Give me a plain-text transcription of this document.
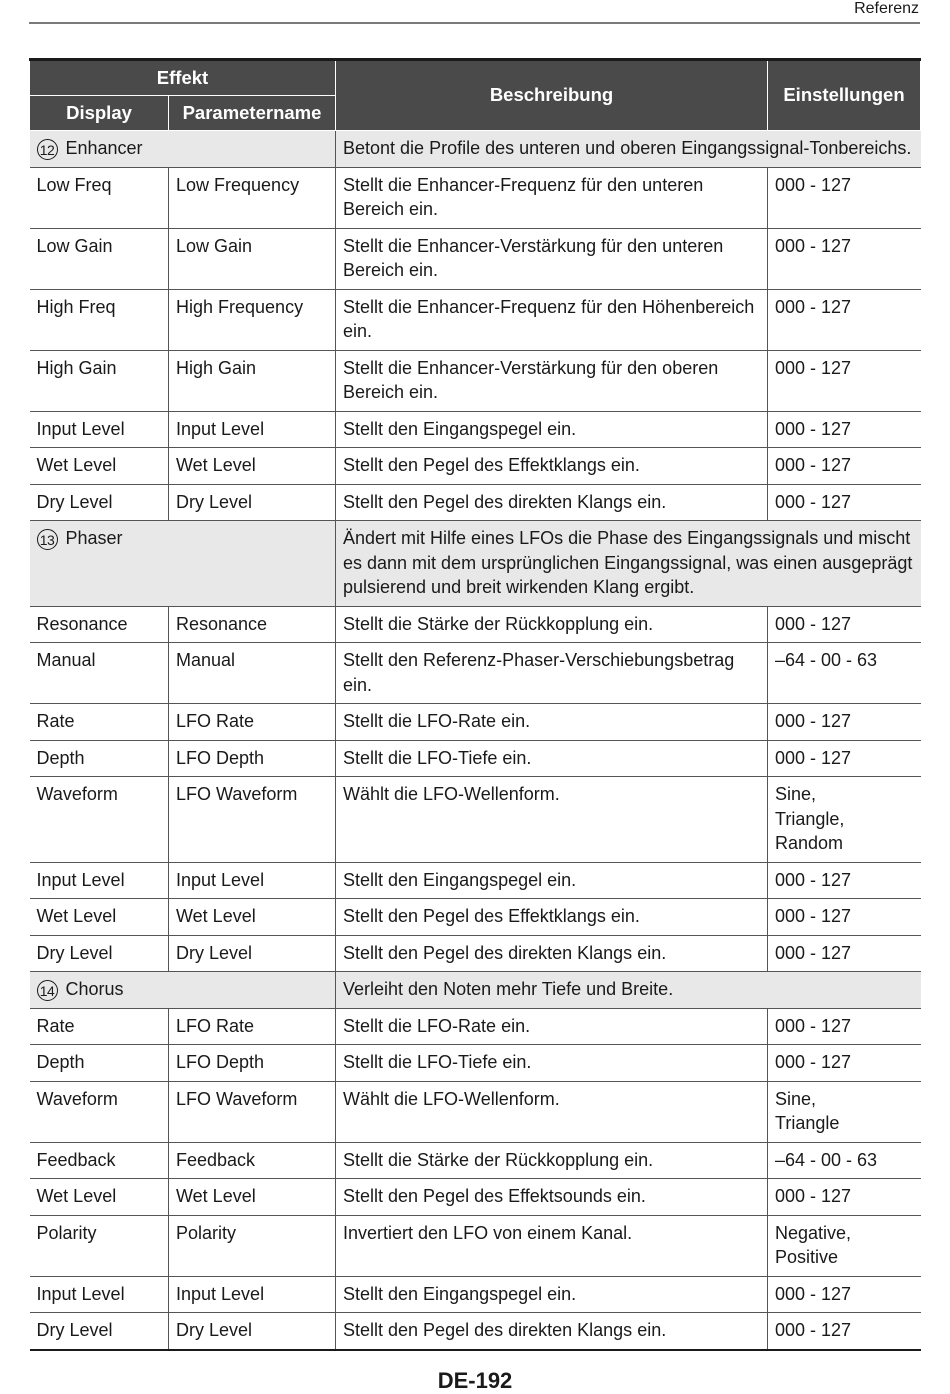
Referenz
Effekt		Beschreibung	Einstellungen
Display	Parametername		
12 Enhancer		Betont die Profile des unteren und oberen Eingangssignal-Tonbereichs.	
Low Freq	Low Frequency	Stellt die Enhancer-Frequenz für den unteren Bereich ein.	000 - 127
Low Gain	Low Gain	Stellt die Enhancer-Verstärkung für den unteren Bereich ein.	000 - 127
High Freq	High Frequency	Stellt die Enhancer-Frequenz für den Höhenbereich ein.	000 - 127
High Gain	High Gain	Stellt die Enhancer-Verstärkung für den oberen Bereich ein.	000 - 127
Input Level	Input Level	Stellt den Eingangspegel ein.	000 - 127
Wet Level	Wet Level	Stellt den Pegel des Effektklangs ein.	000 - 127
Dry Level	Dry Level	Stellt den Pegel des direkten Klangs ein.	000 - 127
13 Phaser		Ändert mit Hilfe eines LFOs die Phase des Eingangssignals und mischt es dann mit dem ursprünglichen Eingangssignal, was einen ausgeprägt pulsierend und breit wirkenden Klang ergibt.	
Resonance	Resonance	Stellt die Stärke der Rückkopplung ein.	000 - 127
Manual	Manual	Stellt den Referenz-Phaser-Verschiebungsbetrag ein.	–64 - 00 - 63
Rate	LFO Rate	Stellt die LFO-Rate ein.	000 - 127
Depth	LFO Depth	Stellt die LFO-Tiefe ein.	000 - 127
Waveform	LFO Waveform	Wählt die LFO-Wellenform.	Sine,
Triangle,
Random

Input Level	Input Level	Stellt den Eingangspegel ein.	000 - 127
Wet Level	Wet Level	Stellt den Pegel des Effektklangs ein.	000 - 127
Dry Level	Dry Level	Stellt den Pegel des direkten Klangs ein.	000 - 127
14 Chorus		Verleiht den Noten mehr Tiefe und Breite.	
Rate	LFO Rate	Stellt die LFO-Rate ein.	000 - 127
Depth	LFO Depth	Stellt die LFO-Tiefe ein.	000 - 127
Waveform	LFO Waveform	Wählt die LFO-Wellenform.	Sine,
Triangle

Feedback	Feedback	Stellt die Stärke der Rückkopplung ein.	–64 - 00 - 63
Wet Level	Wet Level	Stellt den Pegel des Effektsounds ein.	000 - 127
Polarity	Polarity	Invertiert den LFO von einem Kanal.	Negative,
Positive

Input Level	Input Level	Stellt den Eingangspegel ein.	000 - 127
Dry Level	Dry Level	Stellt den Pegel des direkten Klangs ein.	000 - 127
DE-192
